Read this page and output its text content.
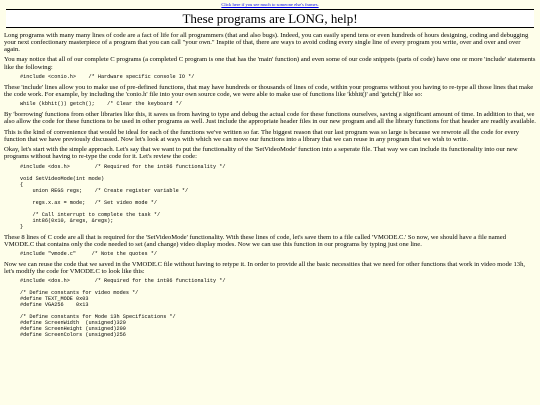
Click here if you see much to someone else's frames.
These programs are LONG, help!

Long programs with many many lines of code are a fact of life for all programmers (that and also bugs). Indeed, you can easily spend tens or even hundreds of hours designing, coding and debugging your next confectionary masterpiece of a program that you can call "your own." Inspite of that, there are ways to avoid coding every single line of every program you write, over and over and over again.

You may notice that all of our complete C programs (a completed C program is one that has the 'main' function) and even some of our code snippets (parts of code) have one or more 'include' statements like the following:

#include <conio.h>    /* Hardware specific console IO */

These 'include' lines allow you to make use of pre-defined functions, that may have hundreds or thousands of lines of code, within your programs without you having to re-type all those lines that make the code work. For example, by including the 'conio.h' file into your own source code, we were able to make use of functions like 'kbhit()' and 'getch()' like so:

while (kbhit()) getch();    /* Clear the keyboard */

By 'borrowing' functions from other libraries like this, it saves us from having to type and debug the actual code for these functions ourselves, saving a significant amount of time. In addition to that, we also allow the code for these functions to be used in other programs as well. Just include the appropriate header files in our new program and all the library functions for that header are readily available.

This is the kind of convenience that would be ideal for each of the functions we've written so far. The biggest reason that our last program was so large is because we rewrote all the code for every function that we have previously discussed. Now let's look at ways with which we can move our functions into a library that we can reuse in any program that we wish to write.

Okay, let's start with the simple approach. Let's say that we want to put the functionality of the 'SetVideoMode' function into a seperate file. That way we can include its functionality into our new programs without having to re-type the code for it. Let's review the code:

#include <dos.h>        /* Required for the int86 functionality */

void SetVideoMode(int mode)
{
union REGS regs;    /* Create register variable */

regs.x.ax = mode;   /* Set video mode */

/* Call interrupt to complete the task */
int86(0x10, &regs, &regs);
}

These 8 lines of C code are all that is required for the 'SetVideoMode' functionality. With these lines of code, let's save them to a file called 'VMODE.C.' So now, we should have a file named VMODE.C that contains only the code needed to set (and change) video display modes. Now we can use this function in our programs by typing just one line.

#include "vmode.c"     /* Note the quotes */

Now we can reuse the code that we saved in the VMODE.C file without having to retype it. In order to provide all the basic necessities that we need for other functions that work in video mode 13h, let's modify the code for VMODE.C to look like this:

#include <dos.h>        /* Required for the int86 functionality */

/* Define constants for video modes */
#define TEXT_MODE 0x03
#define VGA256    0x13

/* Define constants for Mode 13h Specifications */
#define ScreenWidth  (unsigned)320
#define ScreenHeight (unsigned)200
#define ScreenColors (unsigned)256
